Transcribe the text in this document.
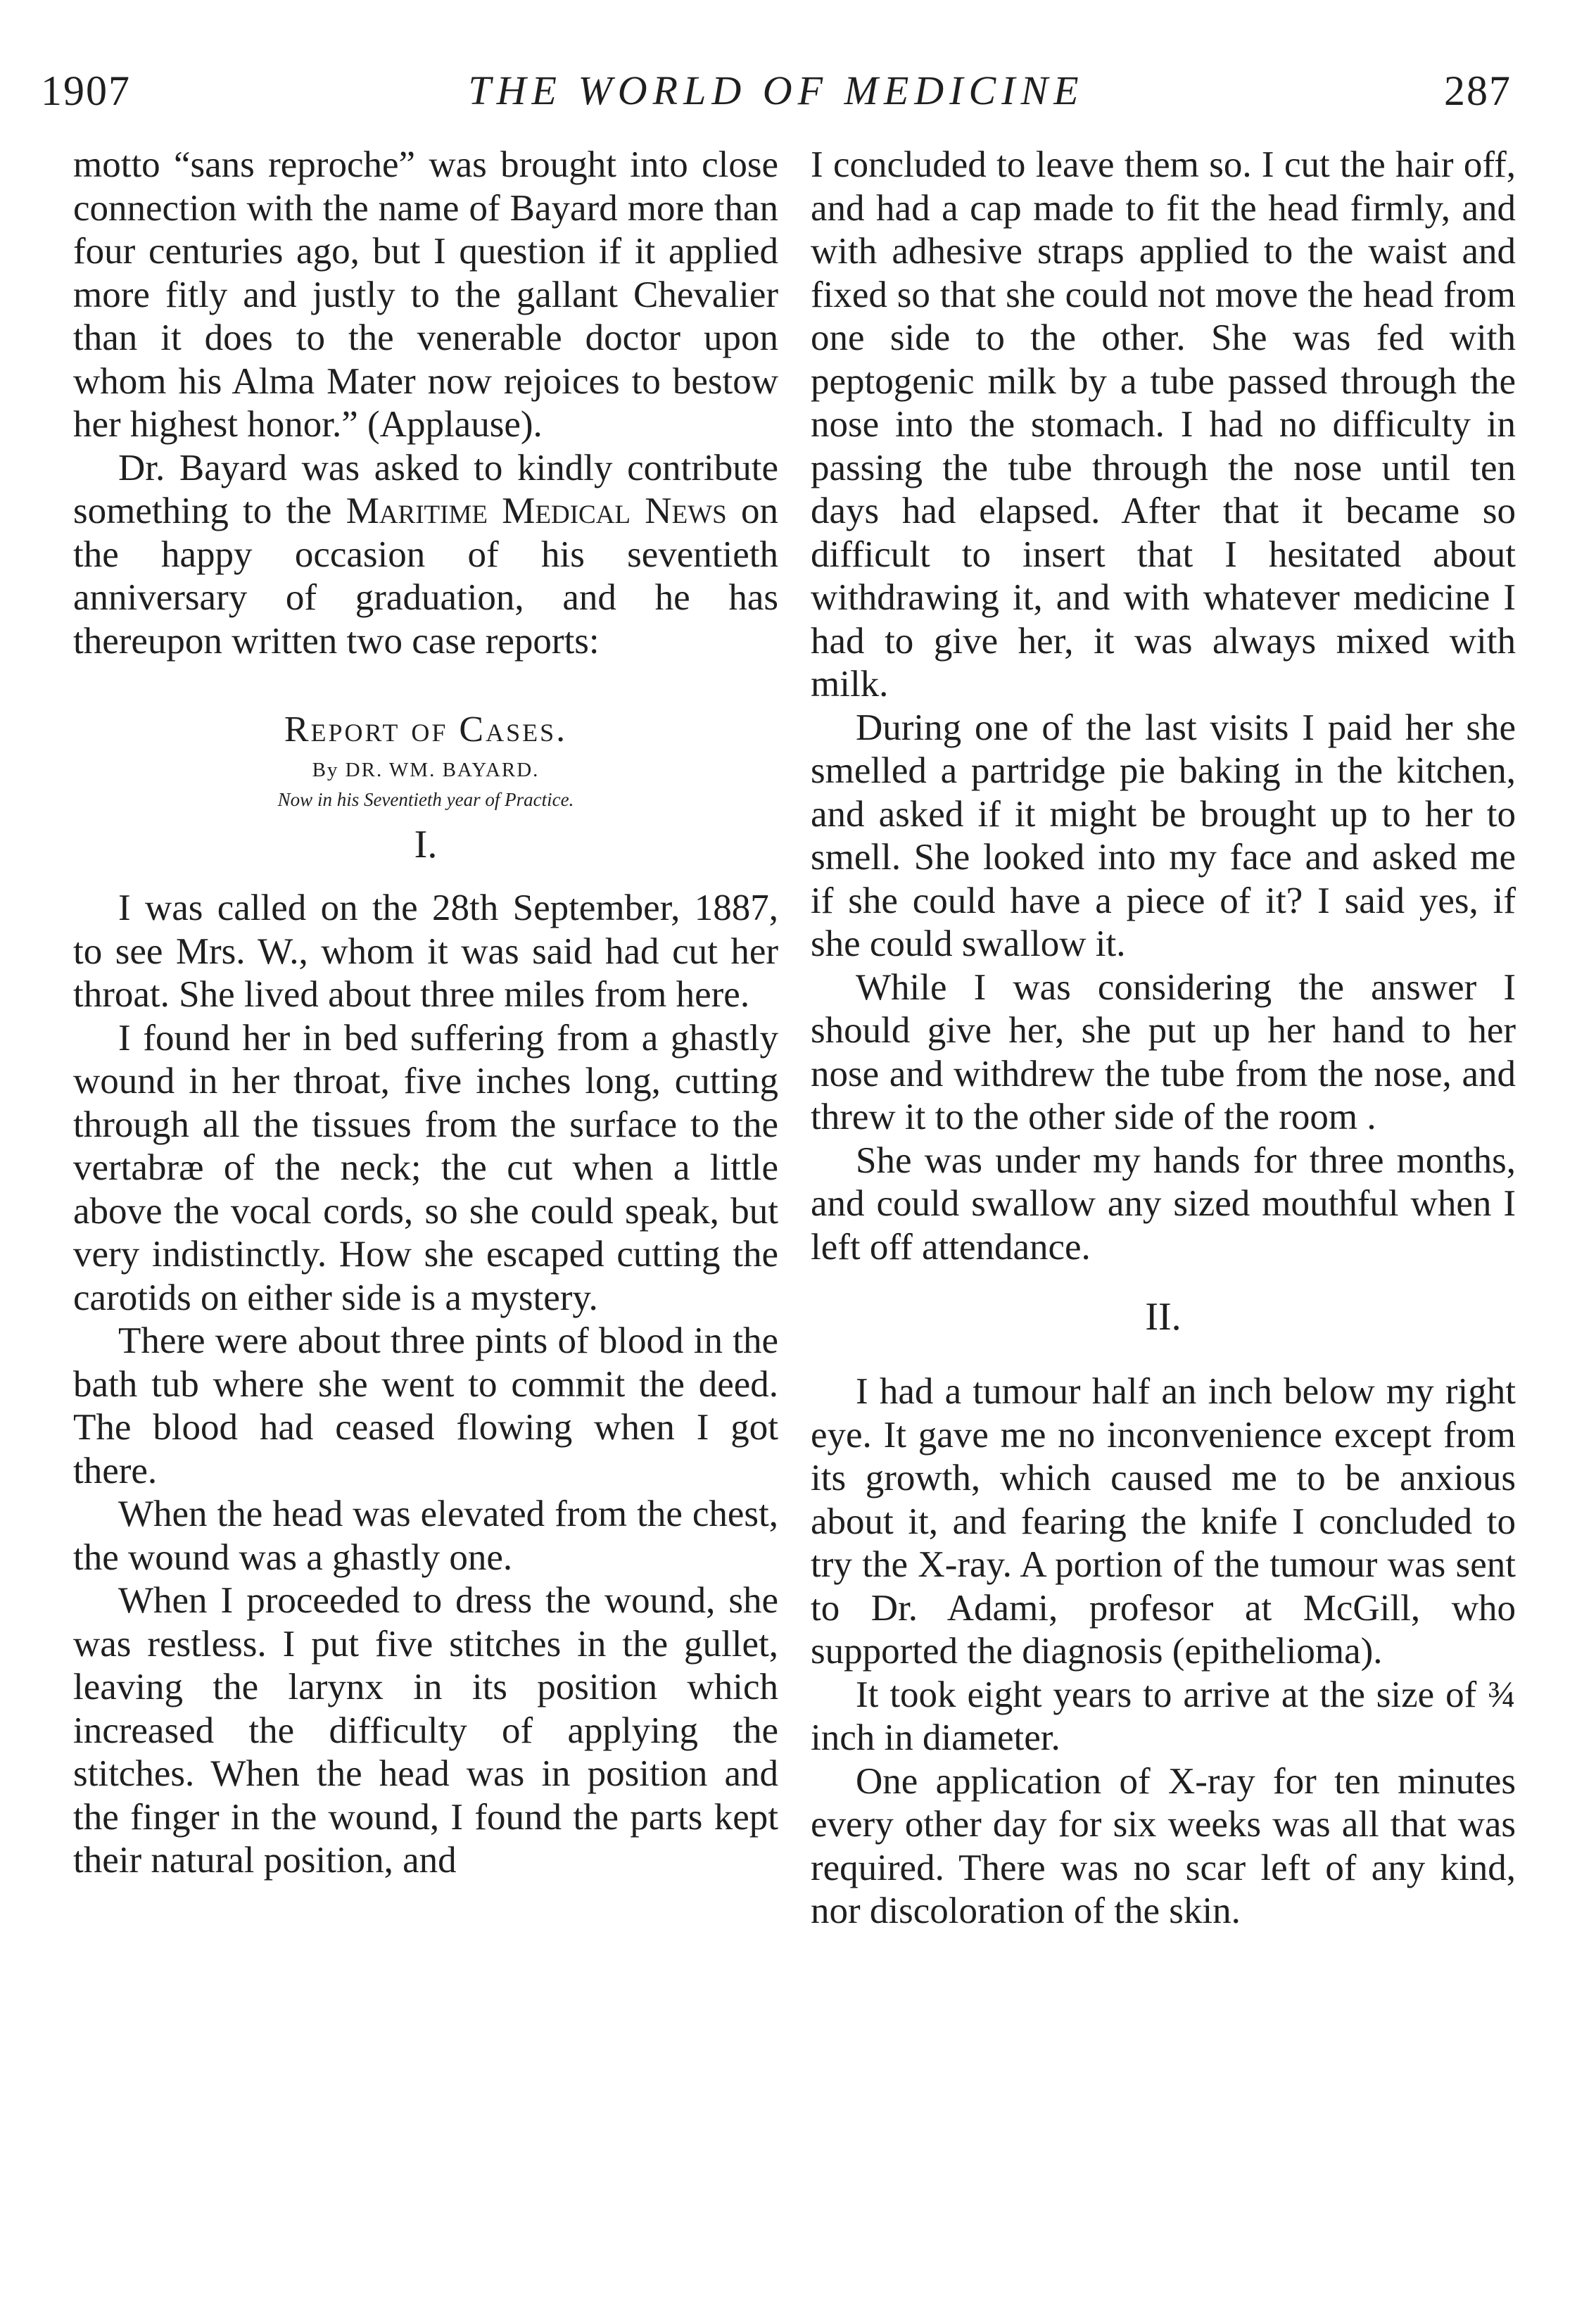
1907	THE WORLD OF MEDICINE	287

motto “sans reproche” was brought into close connection with the name of Bayard more than four centuries ago, but I question if it applied more fitly and justly to the gallant Chevalier than it does to the venerable doctor upon whom his Alma Mater now rejoices to bestow her highest honor.” (Applause).

Dr. Bayard was asked to kindly contribute something to the Maritime Medical News on the happy occasion of his seventieth anniversary of graduation, and he has thereupon written two case reports:

Report of Cases.
By DR. WM. BAYARD.
Now in his Seventieth year of Practice.
I.

I was called on the 28th September, 1887, to see Mrs. W., whom it was said had cut her throat. She lived about three miles from here.

I found her in bed suffering from a ghastly wound in her throat, five inches long, cutting through all the tissues from the surface to the vertabræ of the neck; the cut when a little above the vocal cords, so she could speak, but very indistinctly. How she escaped cutting the carotids on either side is a mystery.

There were about three pints of blood in the bath tub where she went to commit the deed. The blood had ceased flowing when I got there.

When the head was elevated from the chest, the wound was a ghastly one.

When I proceeded to dress the wound, she was restless. I put five stitches in the gullet, leaving the larynx in its position which increased the difficulty of applying the stitches. When the head was in position and the finger in the wound, I found the parts kept their natural position, and

I concluded to leave them so. I cut the hair off, and had a cap made to fit the head firmly, and with adhesive straps applied to the waist and fixed so that she could not move the head from one side to the other. She was fed with peptogenic milk by a tube passed through the nose into the stomach. I had no difficulty in passing the tube through the nose until ten days had elapsed. After that it became so difficult to insert that I hesitated about withdrawing it, and with whatever medicine I had to give her, it was always mixed with milk.

During one of the last visits I paid her she smelled a partridge pie baking in the kitchen, and asked if it might be brought up to her to smell. She looked into my face and asked me if she could have a piece of it? I said yes, if she could swallow it.

While I was considering the answer I should give her, she put up her hand to her nose and withdrew the tube from the nose, and threw it to the other side of the room .

She was under my hands for three months, and could swallow any sized mouthful when I left off attendance.

II.

I had a tumour half an inch below my right eye. It gave me no inconvenience except from its growth, which caused me to be anxious about it, and fearing the knife I concluded to try the X-ray. A portion of the tumour was sent to Dr. Adami, profesor at McGill, who supported the diagnosis (epithelioma).

It took eight years to arrive at the size of ¾ inch in diameter.

One application of X-ray for ten minutes every other day for six weeks was all that was required. There was no scar left of any kind, nor discoloration of the skin.
